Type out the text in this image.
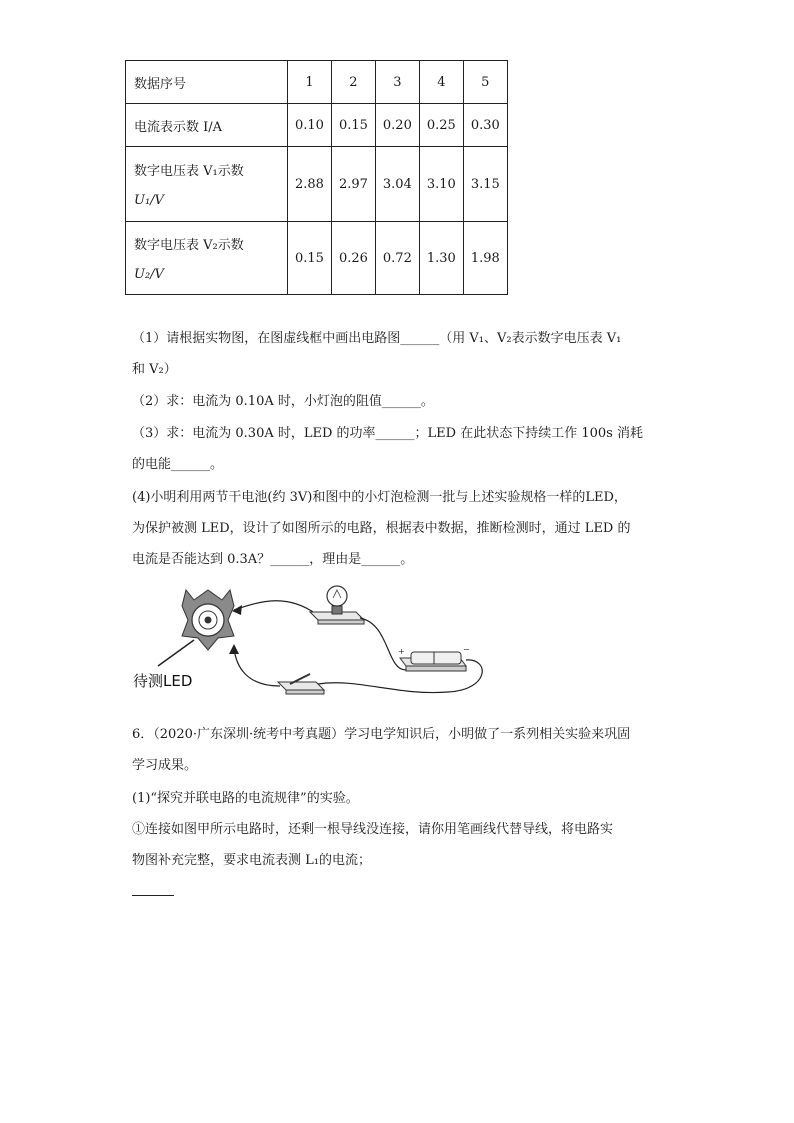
数据序号	1	2	3	4	5
电流表示数 I/A	0.10	0.15	0.20	0.25	0.30
数字电压表 V₁示数
U₁/V	2.88	2.97	3.04	3.10	3.15
数字电压表 V₂示数
U₂/V	0.15	0.26	0.72	1.30	1.98
（1）请根据实物图，在图虚线框中画出电路图______（用 V₁、V₂表示数字电压表 V₁
和 V₂）
（2）求：电流为 0.10A 时，小灯泡的阻值______。
（3）求：电流为 0.30A 时，LED 的功率______；LED 在此状态下持续工作 100s 消耗
的电能______。
(4)小明利用两节干电池(约 3V)和图中的小灯泡检测一批与上述实验规格一样的LED，
为保护被测 LED，设计了如图所示的电路，根据表中数据，推断检测时，通过 LED 的
电流是否能达到 0.3A？______，理由是______。
+	−
待测LED
6．（2020·广东深圳·统考中考真题）学习电学知识后，小明做了一系列相关实验来巩固
学习成果。
(1)“探究并联电路的电流规律”的实验。
①连接如图甲所示电路时，还剩一根导线没连接，请你用笔画线代替导线，将电路实
物图补充完整，要求电流表测 L₁的电流；
